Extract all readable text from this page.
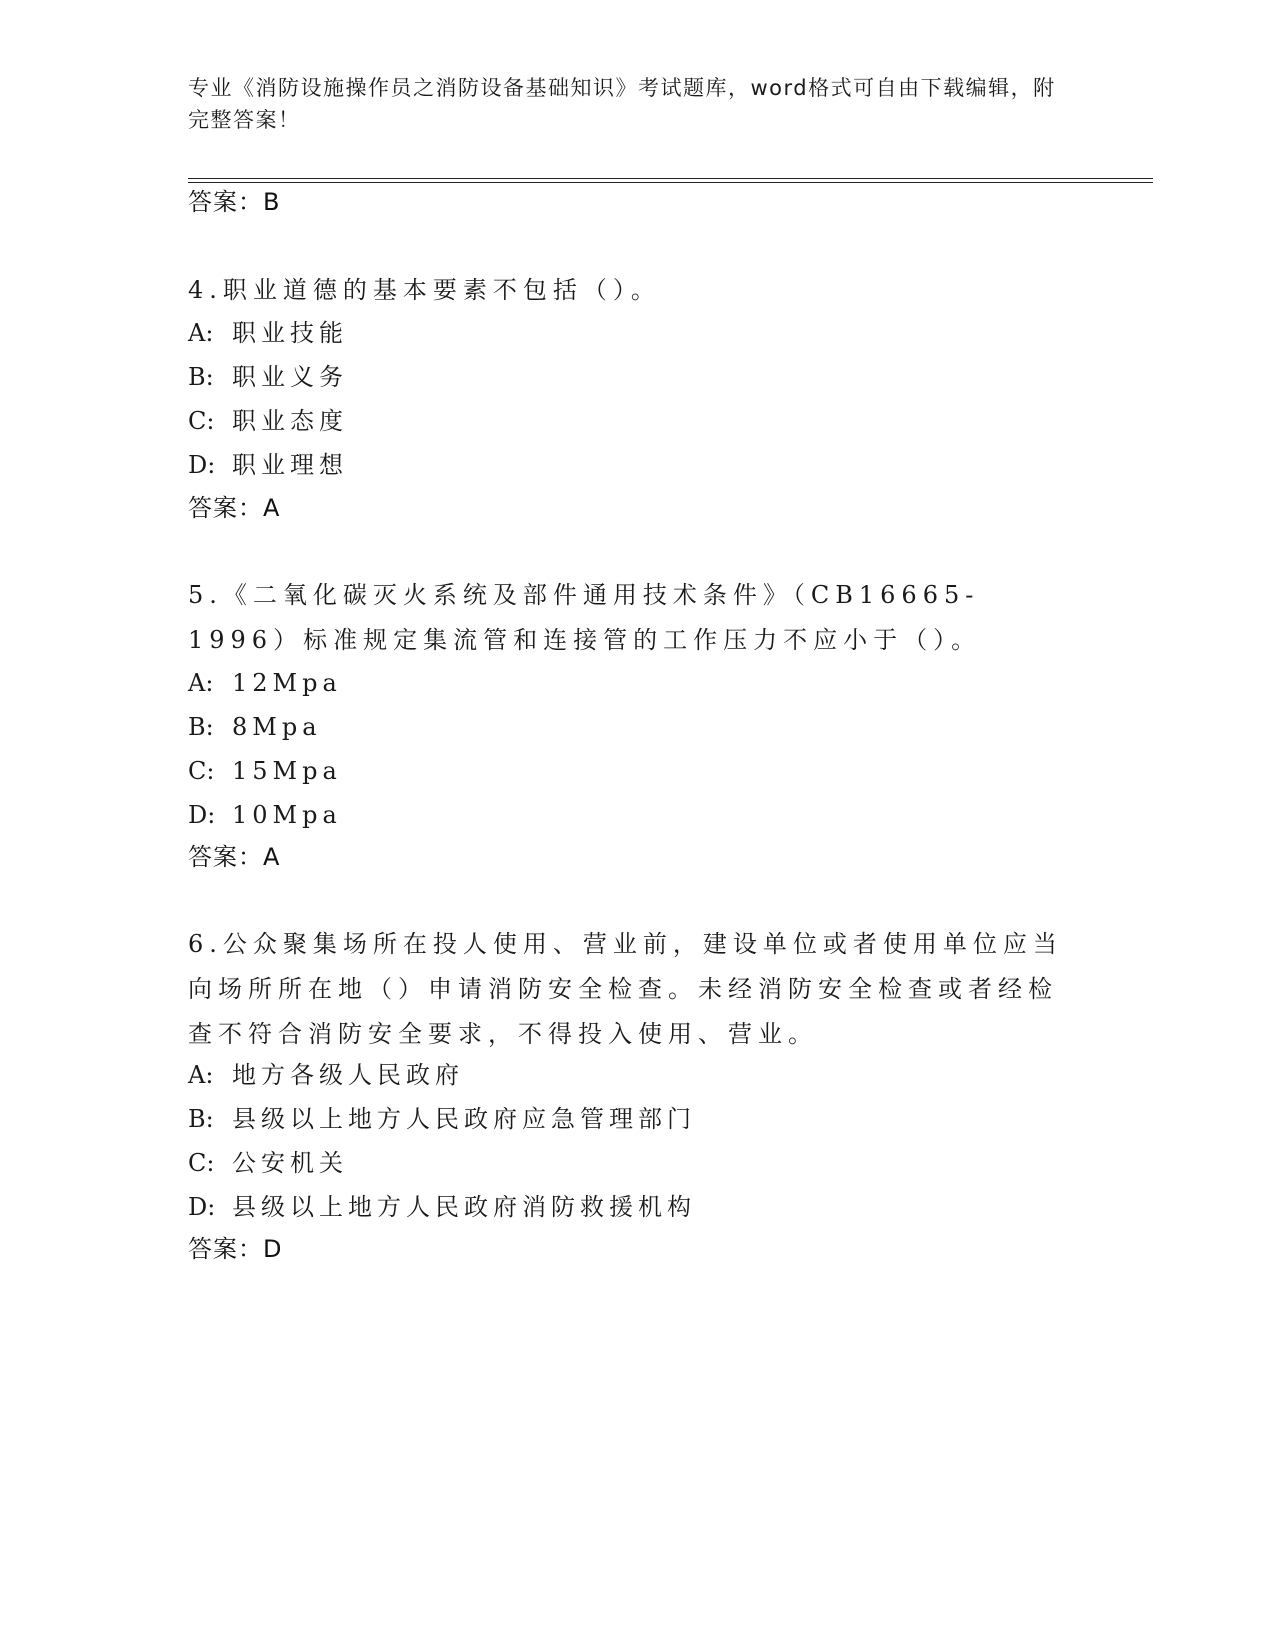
专业《消防设施操作员之消防设备基础知识》考试题库，word格式可自由下载编辑，附完整答案！
答案：B
4.职业道德的基本要素不包括（）。
A: 职业技能
B: 职业义务
C: 职业态度
D: 职业理想
答案：A
5.《二氧化碳灭火系统及部件通用技术条件》（CB16665-1996）标准规定集流管和连接管的工作压力不应小于（）。
A: 12Mpa
B: 8Mpa
C: 15Mpa
D: 10Mpa
答案：A
6.公众聚集场所在投人使用、营业前，建设单位或者使用单位应当向场所所在地（）申请消防安全检查。未经消防安全检查或者经检查不符合消防安全要求，不得投入使用、营业。
A: 地方各级人民政府
B: 县级以上地方人民政府应急管理部门
C: 公安机关
D: 县级以上地方人民政府消防救援机构
答案：D
